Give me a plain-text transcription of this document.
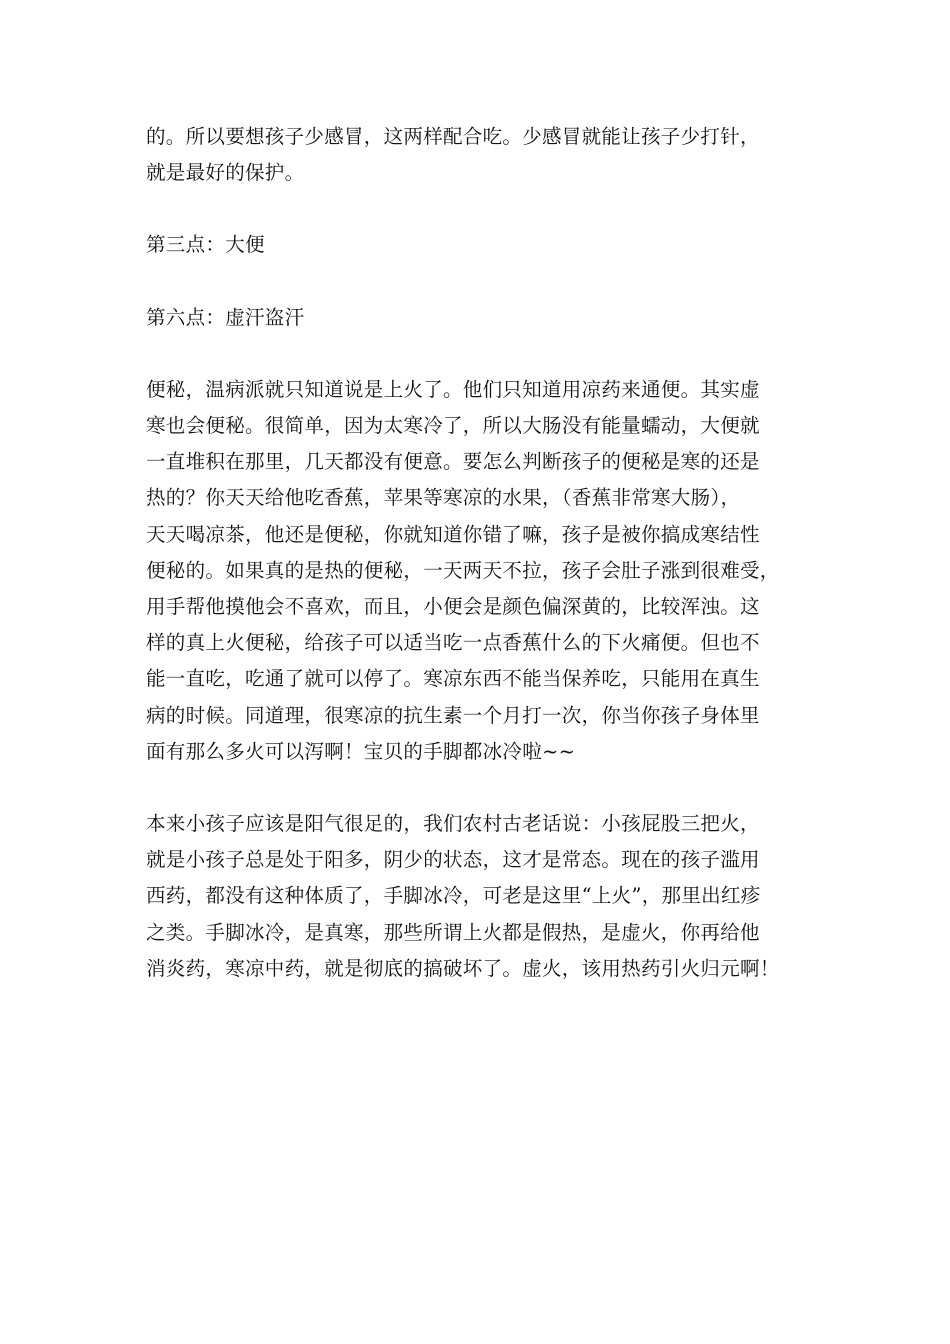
的。所以要想孩子少感冒，这两样配合吃。少感冒就能让孩子少打针，
就是最好的保护。

第三点：大便

第六点：虚汗盗汗

便秘，温病派就只知道说是上火了。他们只知道用凉药来通便。其实虚
寒也会便秘。很简单，因为太寒冷了，所以大肠没有能量蠕动，大便就
一直堆积在那里，几天都没有便意。要怎么判断孩子的便秘是寒的还是
热的？你天天给他吃香蕉，苹果等寒凉的水果，（香蕉非常寒大肠），
天天喝凉茶，他还是便秘，你就知道你错了嘛，孩子是被你搞成寒结性
便秘的。如果真的是热的便秘，一天两天不拉，孩子会肚子涨到很难受，
用手帮他摸他会不喜欢，而且，小便会是颜色偏深黄的，比较浑浊。这
样的真上火便秘，给孩子可以适当吃一点香蕉什么的下火痛便。但也不
能一直吃，吃通了就可以停了。寒凉东西不能当保养吃，只能用在真生
病的时候。同道理，很寒凉的抗生素一个月打一次，你当你孩子身体里
面有那么多火可以泻啊！宝贝的手脚都冰冷啦~~

本来小孩子应该是阳气很足的，我们农村古老话说：小孩屁股三把火，
就是小孩子总是处于阳多，阴少的状态，这才是常态。现在的孩子滥用
西药，都没有这种体质了，手脚冰冷，可老是这里“上火”，那里出红疹
之类。手脚冰冷，是真寒，那些所谓上火都是假热，是虚火，你再给他
消炎药，寒凉中药，就是彻底的搞破坏了。虚火，该用热药引火归元啊！
